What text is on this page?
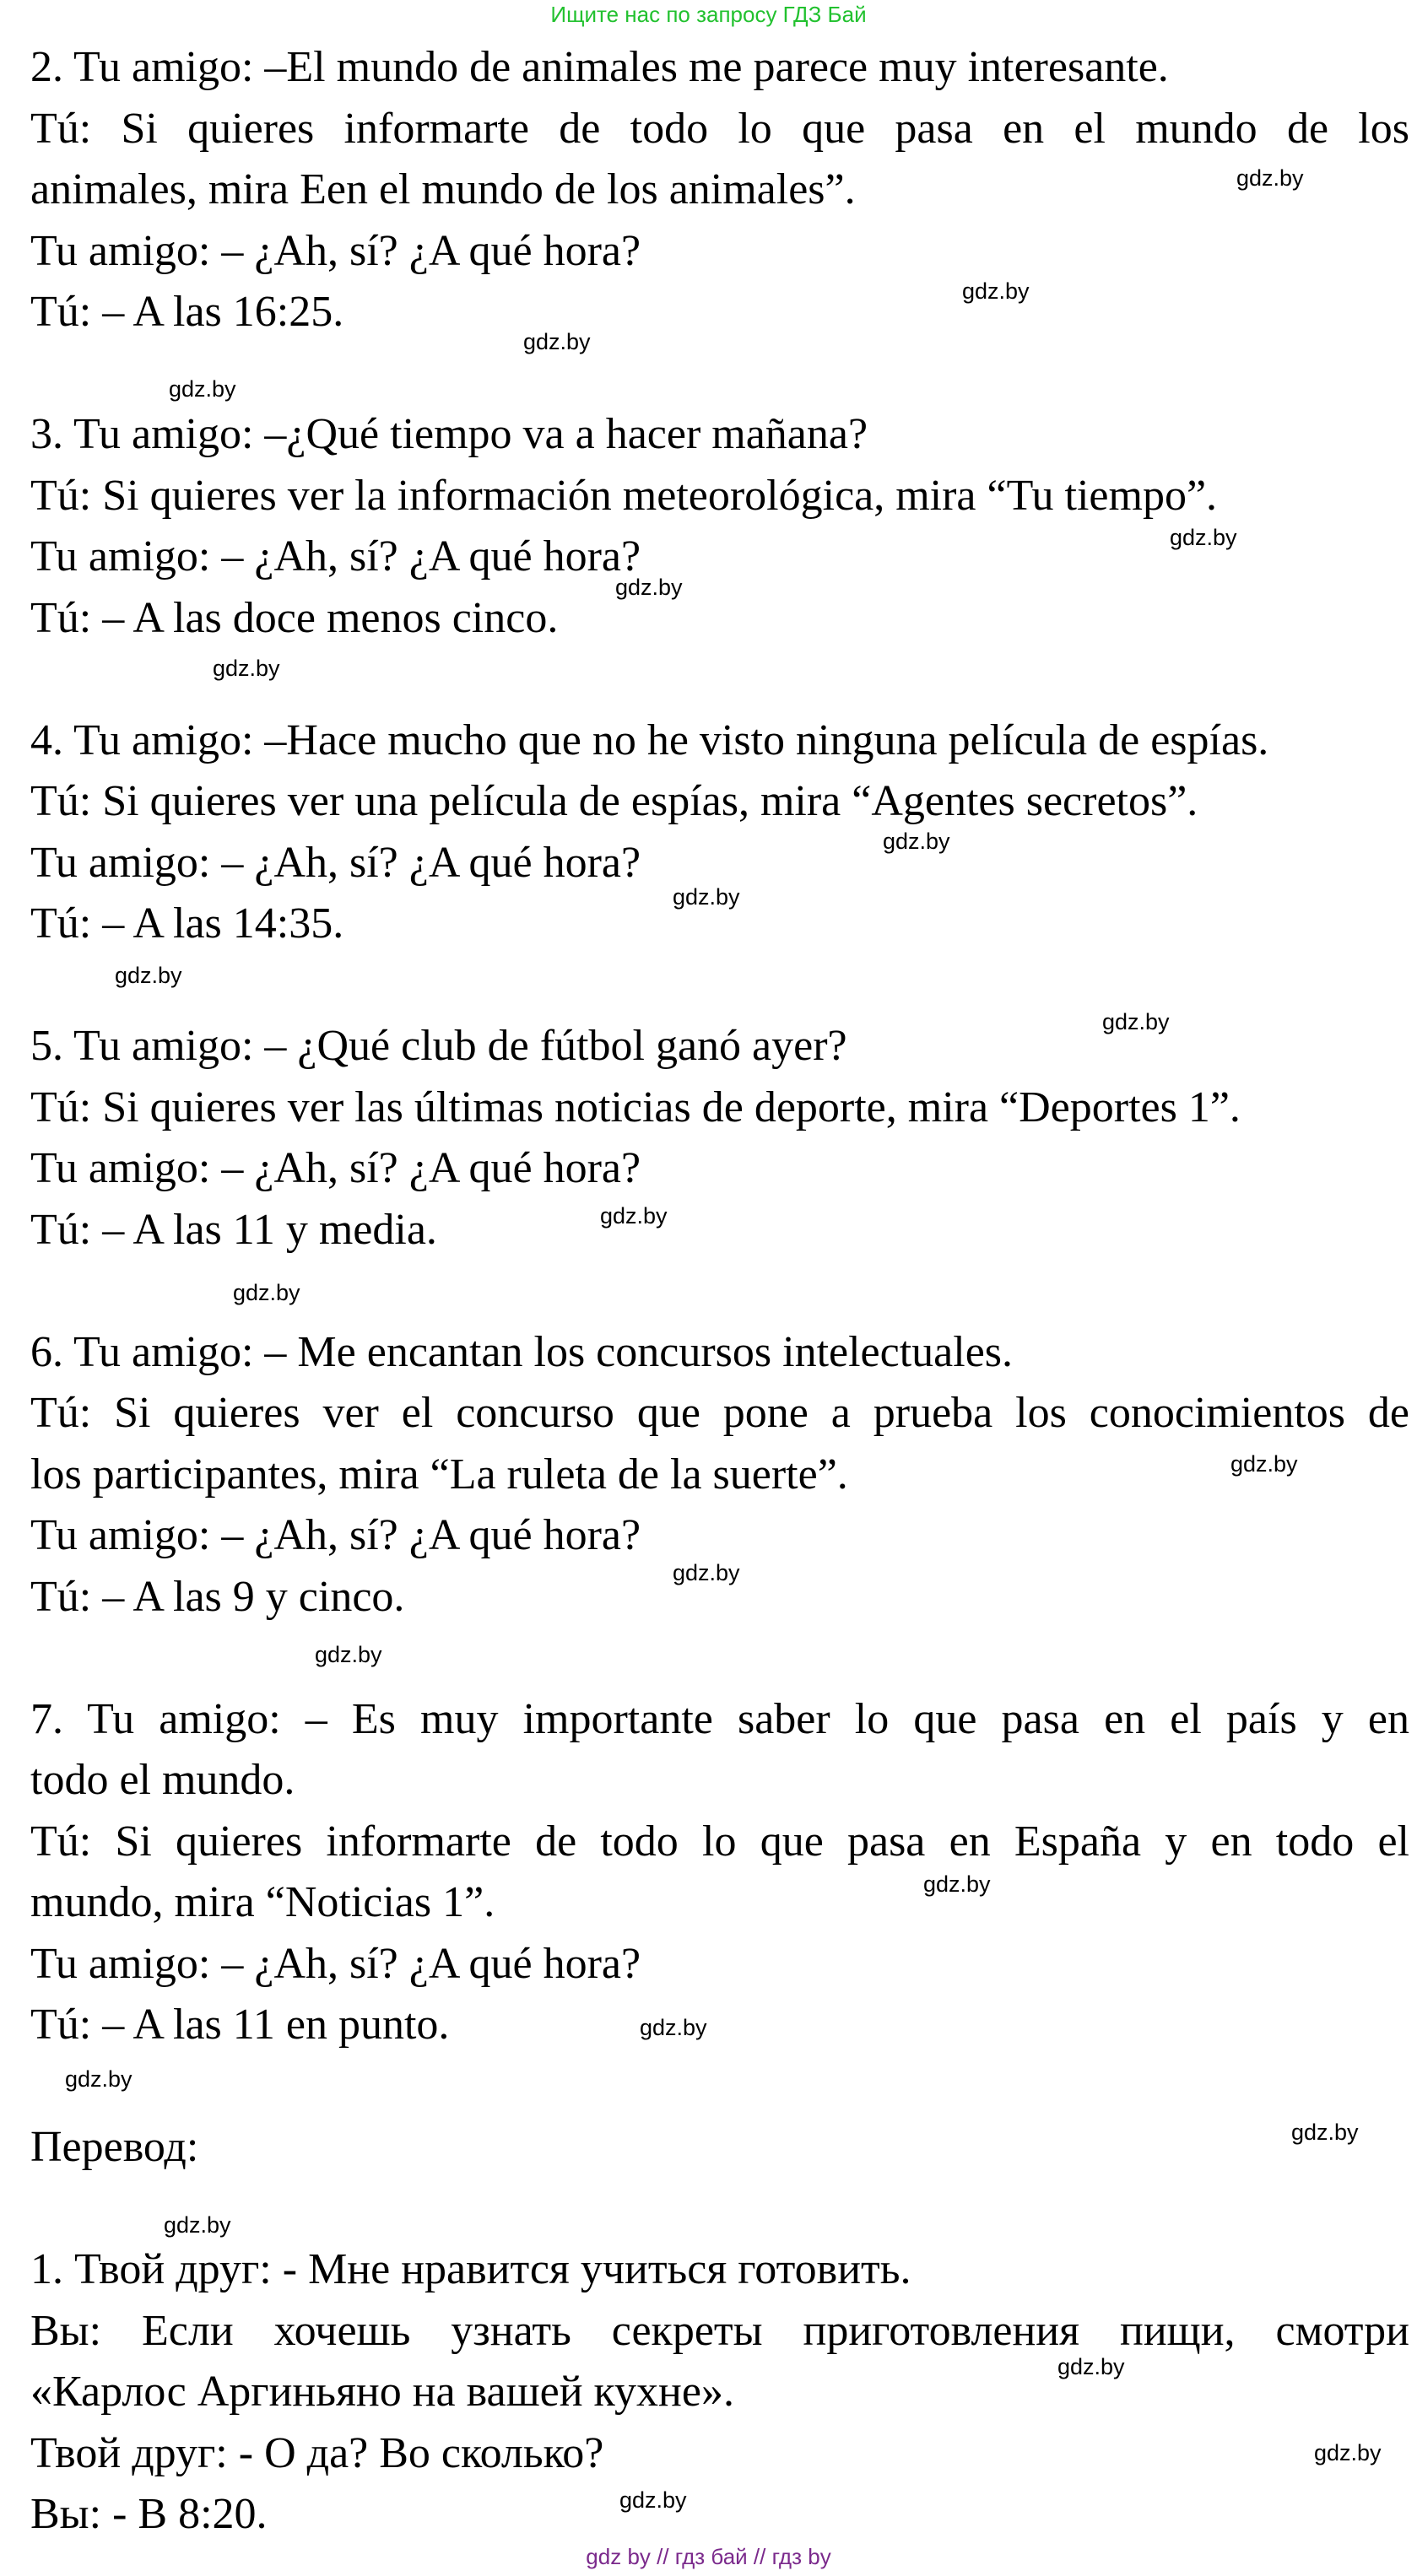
Ищите нас по запросу ГДЗ Бай
2. Tu amigo: –El mundo de animales me parece muy interesante.
Tú: Si quieres informarte de todo lo que pasa en el mundo de los
animales, mira Een el mundo de los animales”.
Tu amigo: – ¿Ah, sí? ¿A qué hora?
Tú: – A las 16:25.
3. Tu amigo: –¿Qué tiempo va a hacer mañana?
Tú: Si quieres ver la información meteorológica, mira “Tu tiempo”.
Tu amigo: – ¿Ah, sí? ¿A qué hora?
Tú: – A las doce menos cinco.
4. Tu amigo: –Hace mucho que no he visto ninguna película de espías.
Tú: Si quieres ver una película de espías, mira “Agentes secretos”.
Tu amigo: – ¿Ah, sí? ¿A qué hora?
Tú: – A las 14:35.
5. Tu amigo: – ¿Qué club de fútbol ganó ayer?
Tú: Si quieres ver las últimas noticias de deporte, mira “Deportes 1”.
Tu amigo: – ¿Ah, sí? ¿A qué hora?
Tú: – A las 11 y media.
6. Tu amigo: – Me encantan los concursos intelectuales.
Tú: Si quieres ver el concurso que pone a prueba los conocimientos de
los participantes, mira “La ruleta de la suerte”.
Tu amigo: – ¿Ah, sí? ¿A qué hora?
Tú: – A las 9 y cinco.
7. Tu amigo: – Es muy importante saber lo que pasa en el país y en
todo el mundo.
Tú: Si quieres informarte de todo lo que pasa en España y en todo el
mundo, mira “Noticias 1”.
Tu amigo: – ¿Ah, sí? ¿A qué hora?
Tú: – A las 11 en punto.
Перевод:
1. Твой друг: - Мне нравится учиться готовить.
Вы: Если хочешь узнать секреты приготовления пищи, смотри
«Карлос Аргиньяно на вашей кухне».
Твой друг: - О да? Во сколько?
Вы: - В 8:20.
gdz.by
gdz.by
gdz.by
gdz.by
gdz.by
gdz.by
gdz.by
gdz.by
gdz.by
gdz.by
gdz.by
gdz.by
gdz.by
gdz.by
gdz.by
gdz.by
gdz.by
gdz.by
gdz.by
gdz.by
gdz.by
gdz.by
gdz.by
gdz.by
gdz by // гдз бай // гдз by
